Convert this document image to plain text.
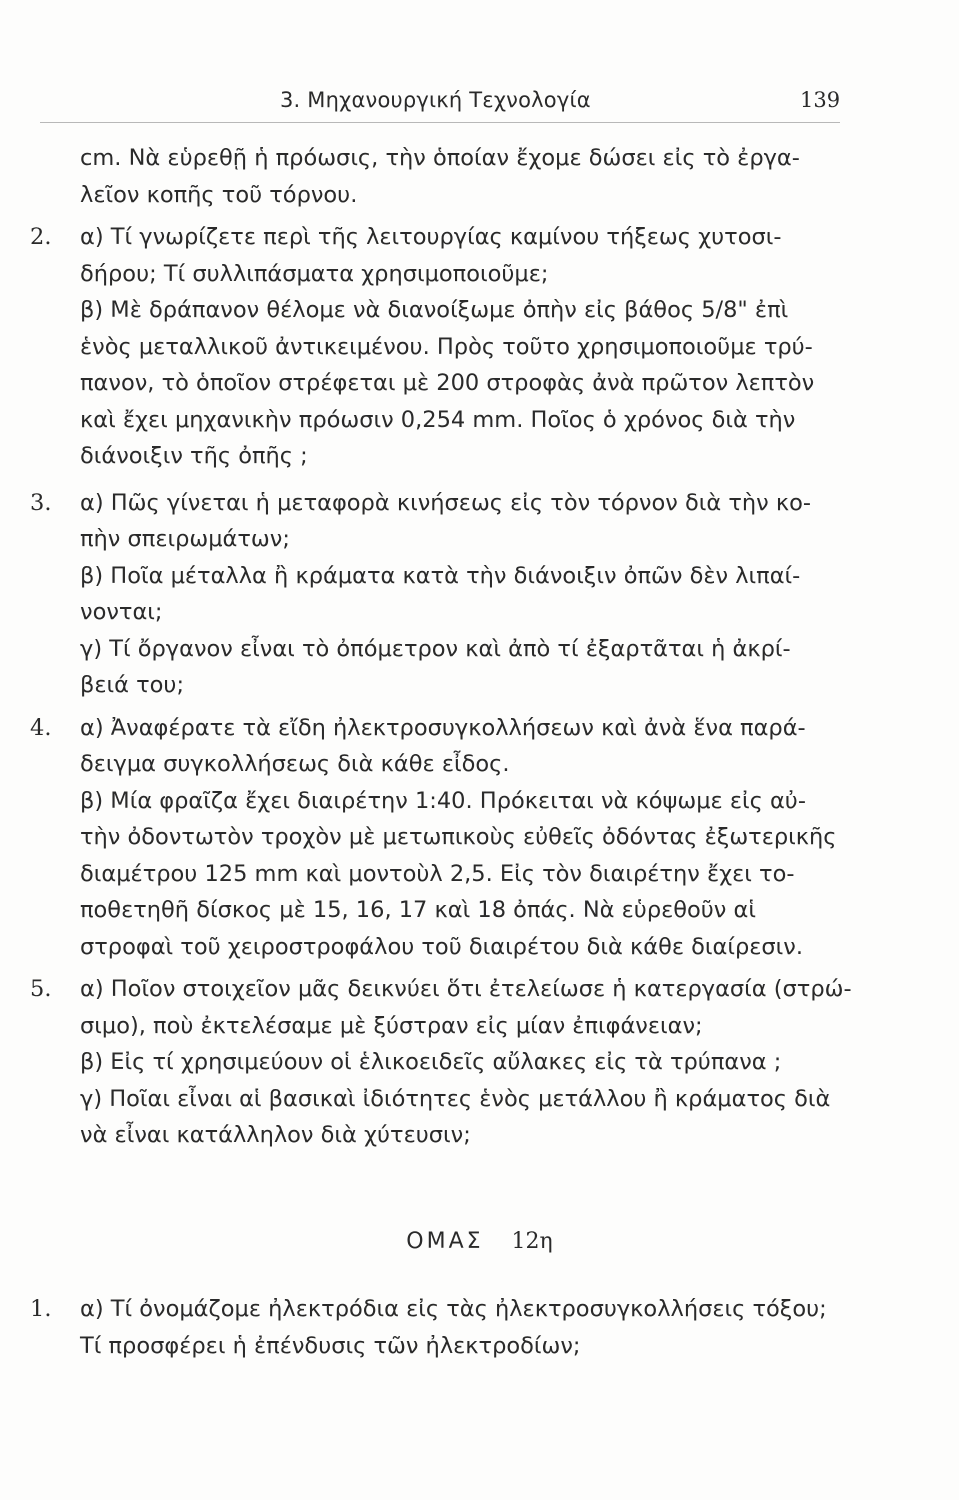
3. Μηχανουργική Τεχνολογία	139
cm. Νὰ εὑρεθῇ ἡ πρόωσις, τὴν ὁποίαν ἔχομε δώσει εἰς τὸ ἐργα-
λεῖον κοπῆς τοῦ τόρνου.
2. α) Τί γνωρίζετε περὶ τῆς λειτουργίας καμίνου τήξεως χυτοσι-
δήρου; Τί συλλιπάσματα χρησιμοποιοῦμε;
β) Μὲ δράπανον θέλομε νὰ διανοίξωμε ὀπὴν εἰς βάθος 5/8" ἐπὶ
ἑνὸς μεταλλικοῦ ἀντικειμένου. Πρὸς τοῦτο χρησιμοποιοῦμε τρύ-
πανον, τὸ ὁποῖον στρέφεται μὲ 200 στροφὰς ἀνὰ πρῶτον λεπτὸν
καὶ ἔχει μηχανικὴν πρόωσιν 0,254 mm. Ποῖος ὁ χρόνος διὰ τὴν
διάνοιξιν τῆς ὀπῆς ;
3. α) Πῶς γίνεται ἡ μεταφορὰ κινήσεως εἰς τὸν τόρνον διὰ τὴν κο-
πὴν σπειρωμάτων;
β) Ποῖα μέταλλα ἢ κράματα κατὰ τὴν διάνοιξιν ὀπῶν δὲν λιπαί-
νονται;
γ) Τί ὄργανον εἶναι τὸ ὀπόμετρον καὶ ἀπὸ τί ἐξαρτᾶται ἡ ἀκρί-
βειά του;
4. α) Ἀναφέρατε τὰ εἴδη ἠλεκτροσυγκολλήσεων καὶ ἀνὰ ἕνα παρά-
δειγμα συγκολλήσεως διὰ κάθε εἶδος.
β) Μία φραῖζα ἔχει διαιρέτην 1:40. Πρόκειται νὰ κόψωμε εἰς αὐ-
τὴν ὀδοντωτὸν τροχὸν μὲ μετωπικοὺς εὐθεῖς ὀδόντας ἐξωτερικῆς
διαμέτρου 125 mm καὶ μοντοὺλ 2,5. Εἰς τὸν διαιρέτην ἔχει το-
ποθετηθῆ δίσκος μὲ 15, 16, 17 καὶ 18 ὀπάς. Νὰ εὑρεθοῦν αἱ
στροφαὶ τοῦ χειροστροφάλου τοῦ διαιρέτου διὰ κάθε διαίρεσιν.
5. α) Ποῖον στοιχεῖον μᾶς δεικνύει ὅτι ἐτελείωσε ἡ κατεργασία (στρώ-
σιμο), ποὺ ἐκτελέσαμε μὲ ξύστραν εἰς μίαν ἐπιφάνειαν;
β) Εἰς τί χρησιμεύουν οἱ ἑλικοειδεῖς αὔλακες εἰς τὰ τρύπανα ;
γ) Ποῖαι εἶναι αἱ βασικαὶ ἰδιότητες ἑνὸς μετάλλου ἢ κράματος διὰ
νὰ εἶναι κατάλληλον διὰ χύτευσιν;
ΟΜΑΣ 12η
1. α) Τί ὀνομάζομε ἠλεκτρόδια εἰς τὰς ἠλεκτροσυγκολλήσεις τόξου;
Τί προσφέρει ἡ ἐπένδυσις τῶν ἠλεκτροδίων;
